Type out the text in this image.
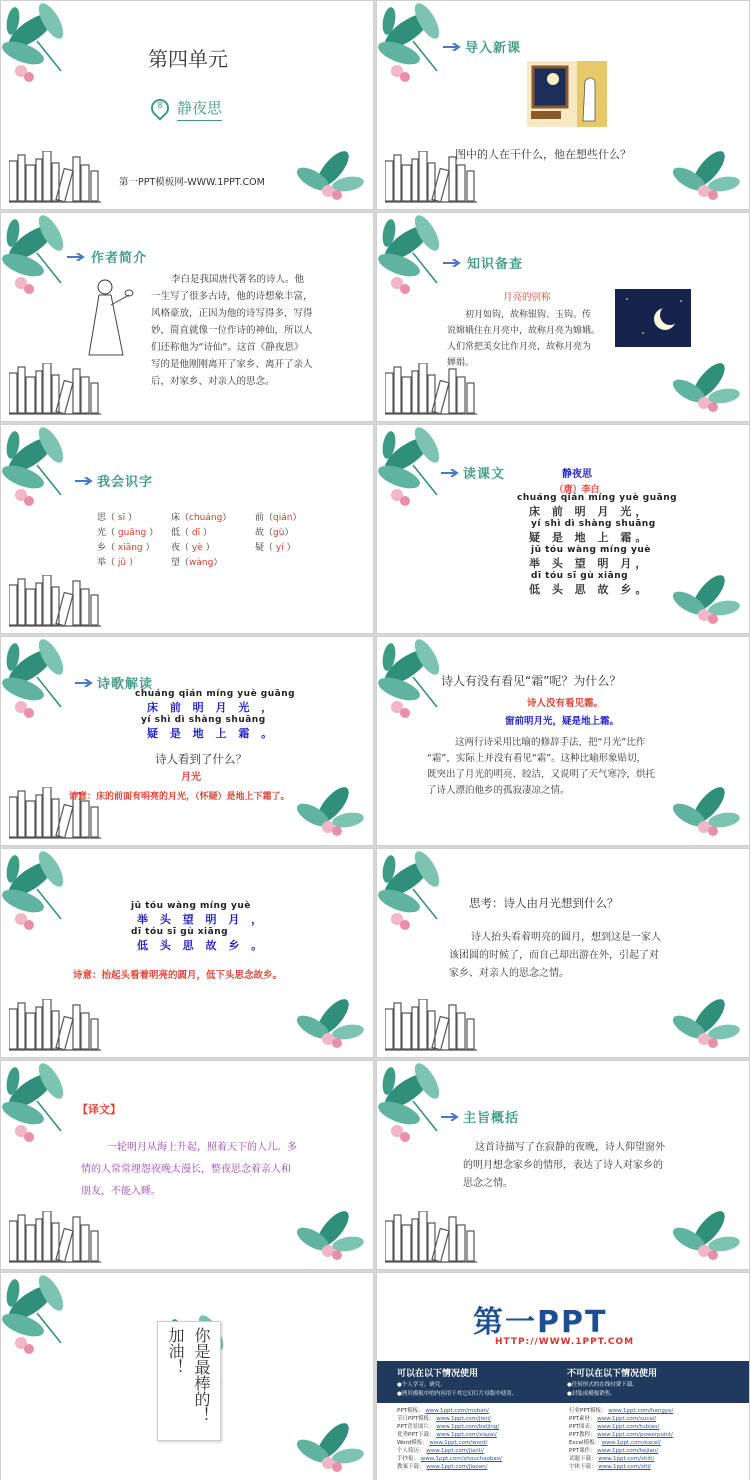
第四单元
8 静夜思
第一PPT模板网-WWW.1PPT.COM
导入新课
图中的人在干什么，他在想些什么？
作者简介
李白是我国唐代著名的诗人。他
一生写了很多古诗，他的诗想象丰富，
风格豪放，正因为他的诗写得多，写得
妙，简直就像一位作诗的神仙，所以人
们还称他为“诗仙”。这首《静夜思》
写的是他刚刚离开了家乡、离开了亲人
后，对家乡、对亲人的思念。
知识备查
月亮的别称
初月如钩，故称银钩、玉钩。传
说嫦娥住在月亮中，故称月亮为嫦娥。
人们常把美女比作月亮，故称月亮为
婵娟。
我会识字
思（ sī ）	床（chuáng）	前（qián）
光（ guāng ）	低（ dī ）	故（gù）
乡（ xiāng ）	夜（ yè ）	疑（ yí ）
举（ jǔ ）	望（wàng）
读课文	静夜思
（唐）李白
chuáng qián míng yuè guāng
床 前 明 月 光，
yí shì dì shàng shuāng
疑 是 地 上 霜。
jǔ tóu wàng míng yuè
举 头 望 明 月，
dī tóu sī gù xiāng
低 头 思 故 乡。
诗歌解读
chuáng qián míng yuè guāng
床 前 明 月 光 ，
yí shì dì shàng shuāng
疑 是 地 上 霜 。
诗人看到了什么？
月光
诗意：床的前面有明亮的月光，（怀疑）是地上下霜了。
诗人有没有看见“霜”呢？为什么？
诗人没有看见霜。
窗前明月光，疑是地上霜。
这两行诗采用比喻的修辞手法，把“月光”比作
“霜”，实际上并没有看见“霜”。这种比喻形象贴切，
既突出了月光的明亮、皎洁，又说明了天气寒冷，烘托
了诗人漂泊他乡的孤寂凄凉之情。
jǔ tóu wàng míng yuè
举 头 望 明 月 ，
dī tóu sī gù xiāng
低 头 思 故 乡 。
诗意：抬起头看着明亮的圆月，低下头思念故乡。
思考：诗人由月光想到什么？
诗人抬头看着明亮的圆月，想到这是一家人
该团圆的时候了，而自己却出游在外，引起了对
家乡、对亲人的思念之情。
【译文】
一轮明月从海上升起，照着天下的人儿。多
情的人常常埋怨夜晚太漫长，整夜思念着亲人和
朋友，不能入睡。
主旨概括
这首诗描写了在寂静的夜晚，诗人仰望窗外
的明月想念家乡的情形，表达了诗人对家乡的
思念之情。
你是最棒的！
加油！
第一PPT
HTTP://WWW.1PPT.COM
可以在以下情况使用
●个人学习、研究。
●拷贝模板中的内容用于其它幻灯片母版中使用。
不可以在以下情况使用
●任何形式的在线付费下载。
●封装成模板销售。
PPT模板： www.1ppt.com/moban/
节日PPT模板： www.1ppt.com/jieri/
PPT背景图片： www.1ppt.com/beijing/
优秀PPT下载： www.1ppt.com/xiazai/
Word模板： www.1ppt.com/word/
个人简历： www.1ppt.com/jianli/
手抄报： www.1ppt.com/shouchaobao/
教案下载： www.1ppt.com/jiaoan/
行业PPT模板： www.1ppt.com/hangye/
PPT素材： www.1ppt.com/sucai/
PPT图表： www.1ppt.com/tubiao/
PPT教程： www.1ppt.com/powerpoint/
Excel模板： www.1ppt.com/excel/
PPT课件： www.1ppt.com/kejian/
试题下载： www.1ppt.com/shiti/
字体下载： www.1ppt.com/ziti/
